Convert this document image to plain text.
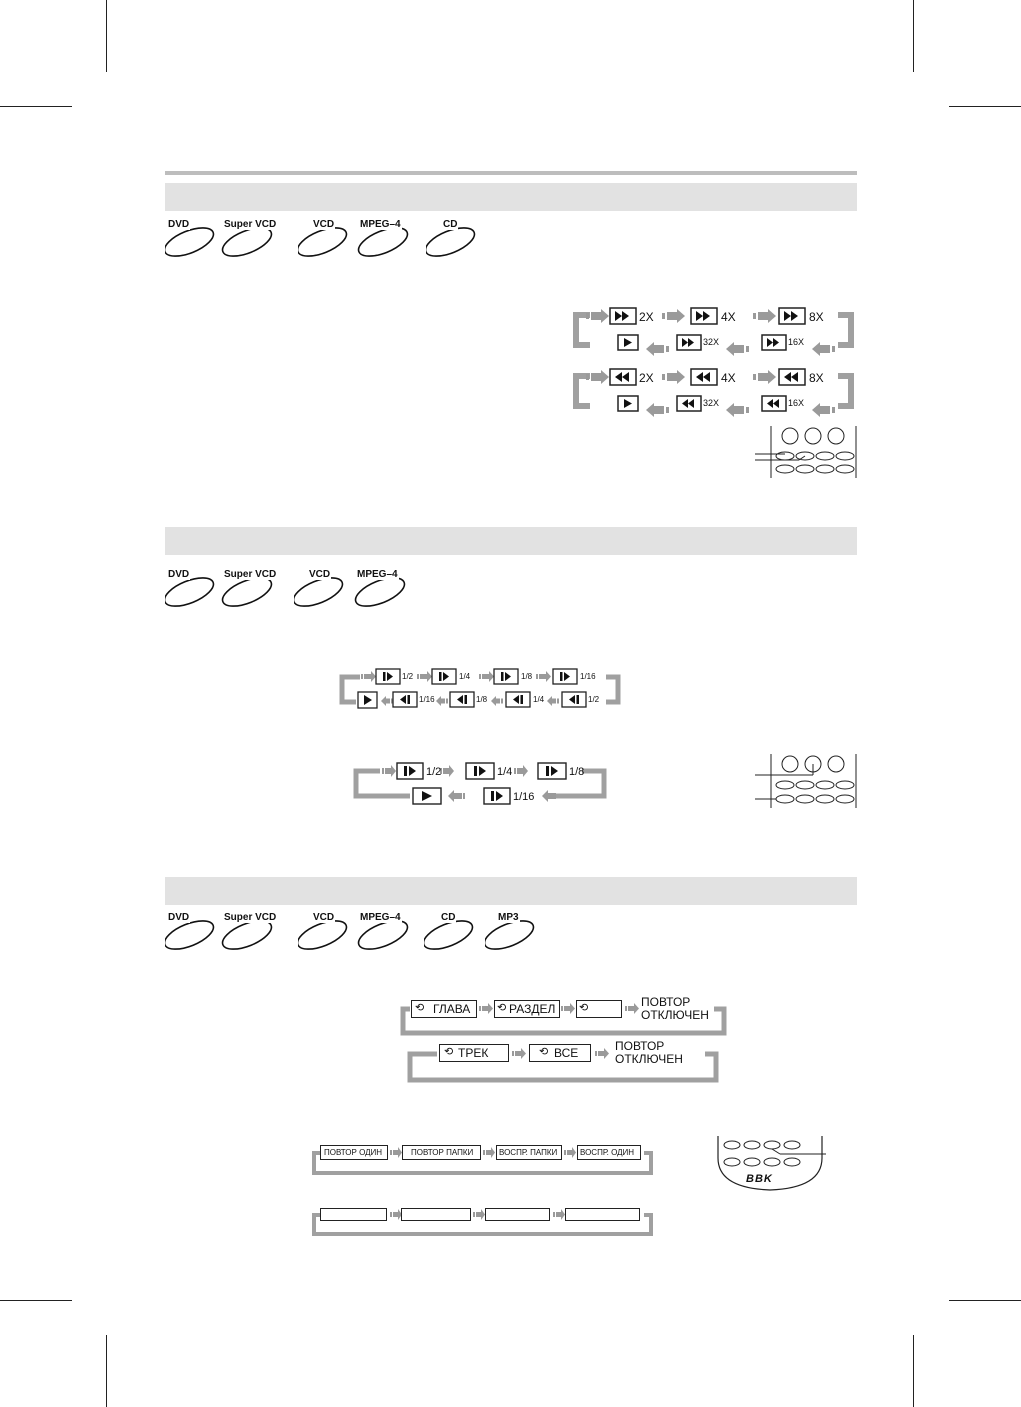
DVD	Super VCD	VCD	MPEG–4	CD
2X	4X	8X
32X	16X
2X	4X	8X
32X	16X
DVD	Super VCD	VCD	MPEG–4
1/2	1/4	1/8	1/16
1/16	1/8	1/4	1/2
1/2	1/4	1/8
1/16
DVD	Super VCD	VCD	MPEG–4	CD	MP3
⟲ ГЛАВА ⟲ РАЗДЕЛ ⟲	ПОВТОР
ОТКЛЮЧЕН
⟲ ТРЕК	⟲ ВСЕ	ПОВТОР
ОТКЛЮЧЕН
ПОВТОР ОДИН	ПОВТОР ПАПКИ	ВОСПР. ПАПКИ	ВОСПР. ОДИН
BBK
